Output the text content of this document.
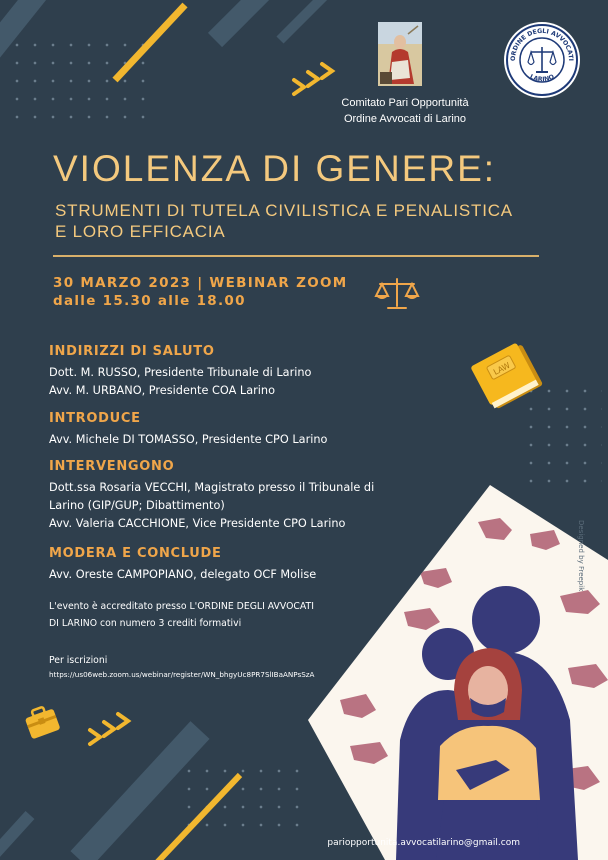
ORDINE DEGLI AVVOCATI
LARINO
Comitato Pari Opportunità
Ordine Avvocati di Larino
VIOLENZA DI GENERE:
STRUMENTI DI TUTELA CIVILISTICA E PENALISTICA
E LORO EFFICACIA
30 MARZO 2023 | WEBINAR ZOOM
dalle 15.30 alle 18.00
LAW
INDIRIZZI DI SALUTO
Dott. M. RUSSO, Presidente Tribunale di Larino
Avv. M. URBANO, Presidente COA Larino
INTRODUCE
Avv. Michele DI TOMASSO, Presidente CPO Larino
INTERVENGONO
Dott.ssa Rosaria VECCHI, Magistrato presso il Tribunale di
Larino (GIP/GUP; Dibattimento)
Avv. Valeria CACCHIONE, Vice Presidente CPO Larino
MODERA E CONCLUDE
Avv. Oreste CAMPOPIANO, delegato OCF Molise
L'evento è accreditato presso L'ORDINE DEGLI AVVOCATI
DI LARINO con numero 3 crediti formativi
Per iscrizioni
https://us06web.zoom.us/webinar/register/WN_bhgyUc8PR7SlIBaANPsSzA
Designed by Freepik
pariopportunita.avvocatilarino@gmail.com
